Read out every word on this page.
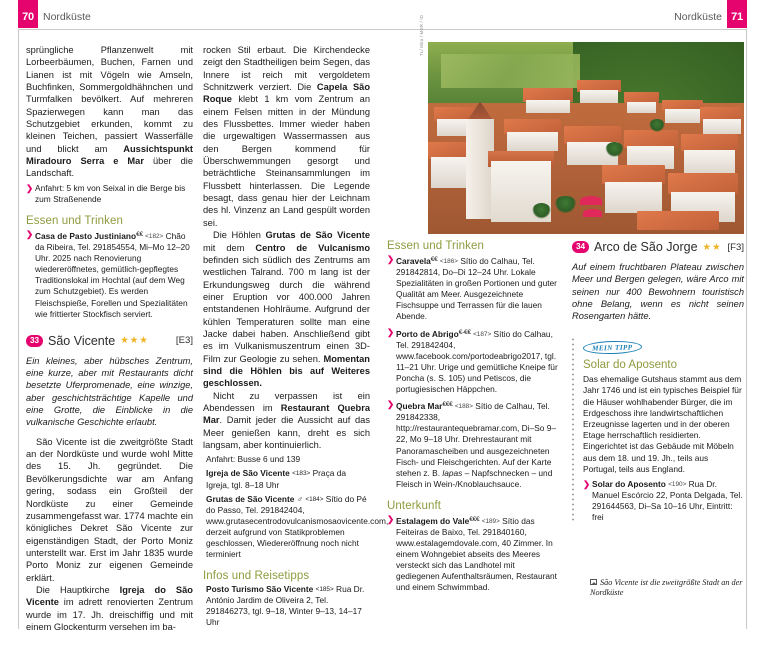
70 Nordküste	71
Nordküste
TL/ Mira / MGR / ID

sprüngliche Pflanzenwelt mit Lorbeerbäumen, Buchen, Farnen und Lianen ist mit Vögeln wie Amseln, Buchfinken, Sommergoldhähnchen und Turmfalken bevölkert. Auf mehreren Spazierwegen kann man das Schutzgebiet erkunden, kommt zu kleinen Teichen, passiert Wasserfälle und blickt am Aussichtspunkt Miradouro Serra e Mar über die Landschaft.

❯ Anfahrt: 5 km von Seixal in die Berge bis zum Straßenende
Essen und Trinken
❯ Casa de Pasto Justiniano€€ <182> Chão da Ribeira, Tel. 291854554, Mi–Mo 12–20 Uhr. 2025 nach Renovierung wiedereröffnetes, gemütlich-gepflegtes Traditionslokal im Hochtal (auf dem Weg zum Schutzgebiet). Es werden Fleischspieße, Forellen und Spezialitäten wie frittierter Stockfisch serviert.
33 São Vicente ★★★	[E3]

Ein kleines, aber hübsches Zentrum, eine kurze, aber mit Restaurants dicht besetzte Uferpromenade, eine winzige, aber geschichtsträchtige Kapelle und eine Grotte, die Einblicke in die vulkanische Geschichte erlaubt.

São Vicente ist die zweitgrößte Stadt an der Nordküste und wurde wohl Mitte des 15. Jh. gegründet. Die Bevölkerungsdichte war am Anfang gering, sodass ein Großteil der Nordküste zu einer Gemeinde zusammengefasst war. 1774 machte ein königliches Dekret São Vicente zur eigenständigen Stadt, der Porto Moniz unterstellt war. Erst im Jahr 1835 wurde Porto Moniz zur eigenen Gemeinde erklärt.

Die Hauptkirche Igreja do São Vicente im adrett renovierten Zentrum wurde im 17. Jh. dreischiffig und mit einem Glockenturm versehen im ba-

rocken Stil erbaut. Die Kirchendecke zeigt den Stadtheiligen beim Segen, das Innere ist reich mit vergoldetem Schnitzwerk verziert. Die Capela São Roque klebt 1 km vom Zentrum an einem Felsen mitten in der Mündung des Flussbettes. Immer wieder haben die urgewaltigen Wassermassen aus den Bergen kommend für Überschwemmungen gesorgt und beträchtliche Steinansammlungen im Flussbett hinterlassen. Die Legende besagt, dass genau hier der Leichnam des hl. Vinzenz an Land gespült worden sei.

Die Höhlen Grutas de São Vicente mit dem Centro de Vulcanismo befinden sich südlich des Zentrums am westlichen Talrand. 700 m lang ist der Erkundungsweg durch die während einer Eruption vor 400.000 Jahren entstandenen Hohlräume. Aufgrund der kühlen Temperaturen sollte man eine Jacke dabei haben. Anschließend gibt es im Vulkanismuszentrum einen 3D-Film zur Geologie zu sehen. Momentan sind die Höhlen bis auf Weiteres geschlossen.

Nicht zu verpassen ist ein Abendessen im Restaurant Quebra Mar. Damit jeder die Aussicht auf das Meer genießen kann, dreht es sich langsam, aber kontinuierlich.

Anfahrt: Busse 6 und 139
Igreja de São Vicente <183> Praça da Igreja, tgl. 8–18 Uhr
Grutas de São Vicente ♂ <184> Sítio do Pé do Passo, Tel. 291842404, www.grutasecentrodovulcanismosaovicente.com, derzeit aufgrund von Statikproblemen geschlossen, Wiedereröffnung noch nicht terminiert
Infos und Reisetipps
Posto Turismo São Vicente <185> Rua Dr. António Jardim de Oliveira 2, Tel. 291846273, tgl. 9–18, Winter 9–13, 14–17 Uhr
Essen und Trinken
❯ Caravela€€ <186> Sítio do Calhau, Tel. 291842814, Do–Di 12–24 Uhr. Lokale Spezialitäten in großen Portionen und guter Qualität am Meer. Ausgezeichnete Fischsuppe und Terrassen für die lauen Abende.
❯ Porto de Abrigo€-€€ <187> Sítio do Calhau, Tel. 291842404, www.facebook.com/portodeabrigo2017, tgl. 11–21 Uhr. Urige und gemütliche Kneipe für Poncha (s. S. 105) und Petiscos, die portugiesischen Häppchen.
❯ Quebra Mar€€€ <188> Sítio de Calhau, Tel. 291842338, http://restaurantequebramar.com, Di–So 9–22, Mo 9–18 Uhr. Drehrestaurant mit Panoramascheiben und ausgezeichneten Fisch- und Fleischgerichten. Auf der Karte stehen z. B. lapas – Napfschnecken – und Fleisch in Wein-/Knoblauchsauce.
Unterkunft
❯ Estalagem do Vale€€€ <189> Sítio das Feiteiras de Baixo, Tel. 291840160, www.estalagemdovale.com, 40 Zimmer. In einem Wohngebiet abseits des Meeres versteckt sich das Landhotel mit gediegenen Aufenthaltsräumen, Restaurant und einem Schwimmbad.
34 Arco de São Jorge ★★ [F3]

Auf einem fruchtbaren Plateau zwischen Meer und Bergen gelegen, wäre Arco mit seinen nur 400 Bewohnern touristisch ohne Belang, wenn es nicht seinen Rosengarten hätte.

MEIN TIPP
Solar do Aposento

Das ehemalige Gutshaus stammt aus dem Jahr 1746 und ist ein typisches Beispiel für die Häuser wohlhabender Bürger, die im Erdgeschoss ihre landwirtschaftlichen Erzeugnisse lagerten und in der oberen Etage herrschaftlich residierten. Eingerichtet ist das Gebäude mit Möbeln aus dem 18. und 19. Jh., teils aus Portugal, teils aus England.

❯ Solar do Aposento <190> Rua Dr. Manuel Escórcio 22, Ponta Delgada, Tel. 291644563, Di–Sa 10–16 Uhr, Eintritt: frei
São Vicente ist die zweitgrößte Stadt an der Nordküste
